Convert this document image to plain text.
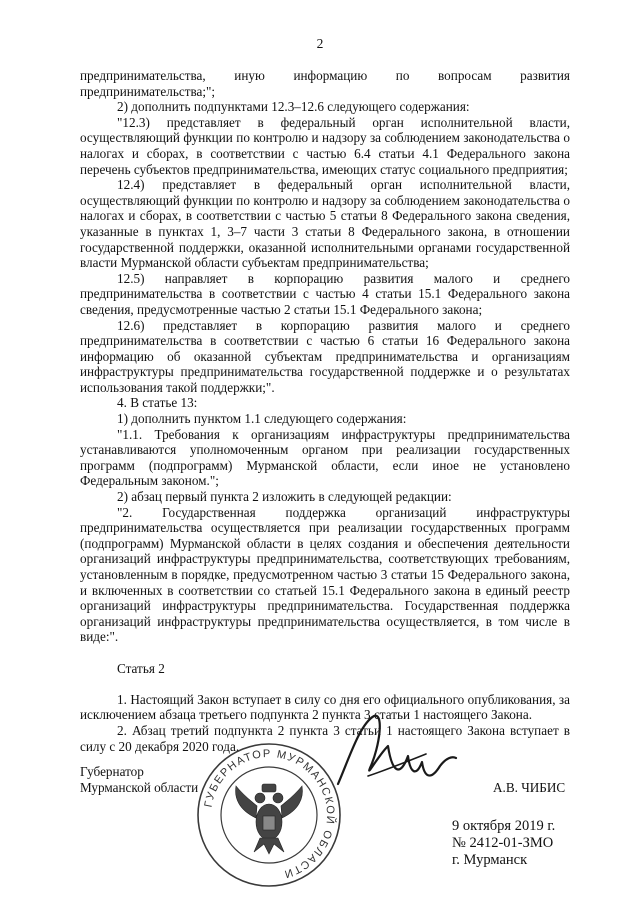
2

предпринимательства, иную информацию по вопросам развития предпринимательства;";

2) дополнить подпунктами 12.3–12.6 следующего содержания:

"12.3) представляет в федеральный орган исполнительной власти, осуществляющий функции по контролю и надзору за соблюдением законодательства о налогах и сборах, в соответствии с частью 6.4 статьи 4.1 Федерального закона перечень субъектов предпринимательства, имеющих статус социального предприятия;

12.4) представляет в федеральный орган исполнительной власти, осуществляющий функции по контролю и надзору за соблюдением законодательства о налогах и сборах, в соответствии с частью 5 статьи 8 Федерального закона сведения, указанные в пунктах 1, 3–7 части 3 статьи 8 Федерального закона, в отношении государственной поддержки, оказанной исполнительными органами государственной власти Мурманской области субъектам предпринимательства;

12.5) направляет в корпорацию развития малого и среднего предпринимательства в соответствии с частью 4 статьи 15.1 Федерального закона сведения, предусмотренные частью 2 статьи 15.1 Федерального закона;

12.6) представляет в корпорацию развития малого и среднего предпринимательства в соответствии с частью 6 статьи 16 Федерального закона информацию об оказанной субъектам предпринимательства и организациям инфраструктуры предпринимательства государственной поддержке и о результатах использования такой поддержки;".

4. В статье 13:

1) дополнить пунктом 1.1 следующего содержания:

"1.1. Требования к организациям инфраструктуры предпринимательства устанавливаются уполномоченным органом при реализации государственных программ (подпрограмм) Мурманской области, если иное не установлено Федеральным законом.";

2) абзац первый пункта 2 изложить в следующей редакции:

"2. Государственная поддержка организаций инфраструктуры предпринимательства осуществляется при реализации государственных программ (подпрограмм) Мурманской области в целях создания и обеспечения деятельности организаций инфраструктуры предпринимательства, соответствующих требованиям, установленным в порядке, предусмотренном частью 3 статьи 15 Федерального закона, и включенных в соответствии со статьей 15.1 Федерального закона в единый реестр организаций инфраструктуры предпринимательства. Государственная поддержка организаций инфраструктуры предпринимательства осуществляется, в том числе в виде:".

Статья 2

1. Настоящий Закон вступает в силу со дня его официального опубликования, за исключением абзаца третьего подпункта 2 пункта 3 статьи 1 настоящего Закона.

2. Абзац третий подпункта 2 пункта 3 статьи 1 настоящего Закона вступает в силу с 20 декабря 2020 года.

ГУБЕРНАТОР МУРМАНСКОЙ ОБЛАСТИ
Губернатор
Мурманской области	А.В. ЧИБИС
9 октября 2019 г.
№ 2412-01-ЗМО
г. Мурманск
